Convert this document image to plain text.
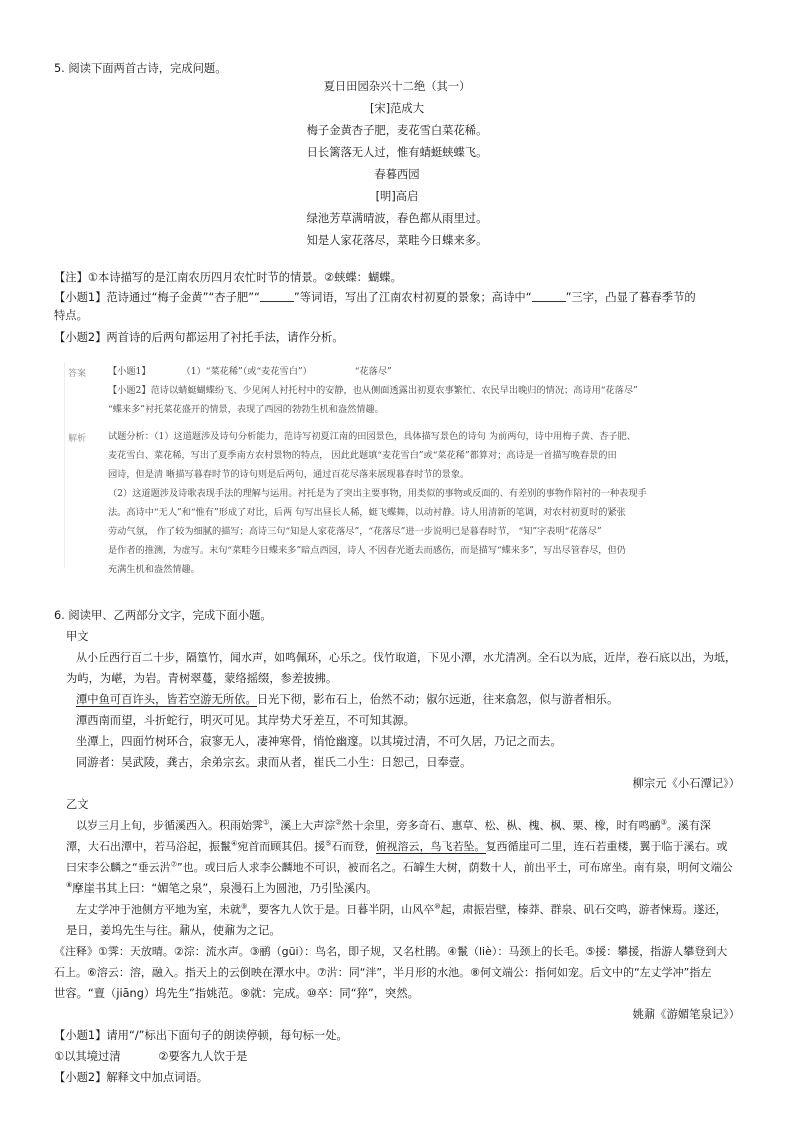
5. 阅读下面两首古诗，完成问题。
夏日田园杂兴十二绝（其一）
[宋]范成大
梅子金黄杏子肥，麦花雪白菜花稀。
日长篱落无人过，惟有蜻蜓蛱蝶飞。
春暮西园
[明]高启
绿池芳草满晴波，春色都从雨里过。
知是人家花落尽，菜畦今日蝶来多。
【注】①本诗描写的是江南农历四月农忙时节的情景。②蛱蝶：蝴蝶。
【小题1】范诗通过“梅子金黄”“杏子肥”“	”等词语，写出了江南农村初夏的景象；高诗中“	”三字，凸显了暮春季节的
特点。
【小题2】两首诗的后两句都运用了衬托手法，请作分析。
答案 【小题1】	（1）“菜花稀”（或“麦花雪白”）	“花落尽”
【小题2】范诗以蜻蜓蝴蝶纷飞、少见闲人衬托村中的安静，也从侧面透露出初夏农事繁忙、农民早出晚归的情况；高诗用“花落尽”
“蝶来多”衬托菜花盛开的情景，表现了西园的勃勃生机和盎然情趣。
解析 试题分析：（1）这道题涉及诗句分析能力，范诗写初夏江南的田园景色，具体描写景色的诗句 为前两句，诗中用梅子黄、杏子肥、
麦花雪白、菜花稀，写出了夏季南方农村景物的特点， 因此此题填“麦花雪白”或“菜花稀”都算对；高诗是一首描写晚春景的田
园诗，但是清 晰描写暮春时节的诗句则是后两句，通过百花尽落来展现暮春时节的景象。
（2）这道题涉及诗歌表现手法的理解与运用。衬托是为了突出主要事物，用类似的事物或反面的、有差别的事物作陪衬的一种表现手
法。高诗中“无人”和“惟有”形成了对比，后两 句写出昼长人稀，蜓飞蝶舞，以动衬静。诗人用清新的笔调，对农村初夏时的紧张
劳动气氛， 作了较为细腻的描写；高诗三句“知是人家花落尽”，“花落尽”进一步说明已是暮春时节， “知”字表明“花落尽”
是作者的推测，为虚写。末句“菜畦今日蝶来多”暗点西园，诗人 不因春光逝去而感伤，而是描写“蝶来多”，写出尽管春尽，但仍
充满生机和盎然情趣。
6. 阅读甲、乙两部分文字，完成下面小题。
甲文
从小丘西行百二十步，隔篁竹，闻水声，如鸣佩环，心乐之。伐竹取道，下见小潭，水尤清冽。全石以为底，近岸，卷石底以出，为坻，
为屿，为嵁，为岩。青树翠蔓，蒙络摇缀，参差披拂。
潭中鱼可百许头，皆若空游无所依。日光下彻，影布石上，佁然不动；俶尔远逝，往来翕忽，似与游者相乐。
潭西南而望，斗折蛇行，明灭可见。其岸势犬牙差互，不可知其源。
坐潭上，四面竹树环合，寂寥无人，凄神寒骨，悄怆幽邃。以其境过清，不可久居，乃记之而去。
同游者：吴武陵，龚古，余弟宗玄。隶而从者，崔氏二小生：日恕己，日奉壹。
柳宗元《小石潭记》）
乙文
以岁三月上旬，步循溪西入。积雨始霁①，溪上大声淙②然十余里，旁多奇石、惠草、松、枞、槐、枫、栗、橡，时有鸣鹂③。溪有深
潭，大石出潭中，若马浴起，振鬣④宛首而顾其侣。援⑤石而登，俯视溶云，鸟飞若坠。复西循崖可二里，连石若重楼，翼于临于溪右。或
曰宋李公麟之“垂云沜⑦”也。或曰后人求李公麟地不可识，被而名之。石罅生大树，荫数十人，前出平土，可布席坐。南有泉，明何文端公
⑧摩崖书其上曰：“媚笔之泉”，泉漫石上为圆池，乃引坠溪内。
左丈学冲于池侧方平地为室，未就⑨，要客九人饮于是。日暮半阴，山风卒⑩起，肃振岩壁，榛莽、群泉、矶石交鸣，游者悚焉。遂还，
是日，姜坞先生与往。鼐从，使鼐为之记。
《注释》①霁：天放晴。②淙：流水声。③鹂（gūi）：鸟名，即子规，又名杜鹃。④鬣（liè）：马颈上的长毛。⑤援：攀援，指游人攀登到大
石上。⑥溶云：溶，融入。指天上的云倒映在潭水中。⑦沜：同“泮”，半月形的水池。⑧何文端公：指何如宠。后文中的“左丈学冲”指左
世容。“亶（jiāng）坞先生”指姚范。⑨就：完成。⑩卒：同“猝”，突然。
姚鼐《游媚笔泉记》）
【小题1】请用“/”标出下面句子的朗读停顿，每句标一处。
①以其境过清	②要客九人饮于是
【小题2】解释文中加点词语。
